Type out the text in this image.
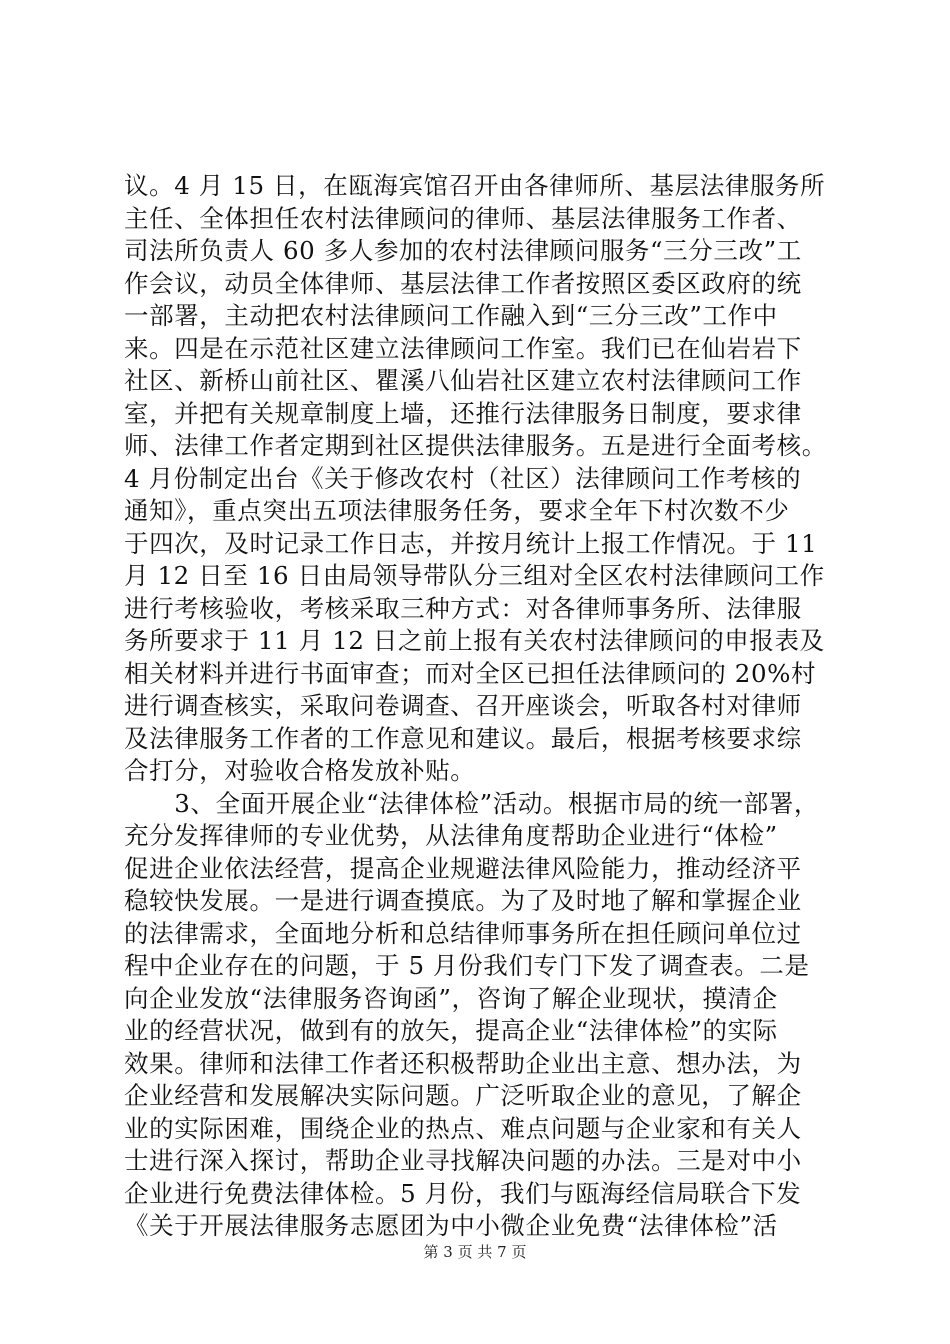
议。4 月 15 日，在瓯海宾馆召开由各律师所、基层法律服务所
主任、全体担任农村法律顾问的律师、基层法律服务工作者、
司法所负责人 60 多人参加的农村法律顾问服务“三分三改”工
作会议，动员全体律师、基层法律工作者按照区委区政府的统
一部署，主动把农村法律顾问工作融入到“三分三改”工作中
来。四是在示范社区建立法律顾问工作室。我们已在仙岩岩下
社区、新桥山前社区、瞿溪八仙岩社区建立农村法律顾问工作
室，并把有关规章制度上墙，还推行法律服务日制度，要求律
师、法律工作者定期到社区提供法律服务。五是进行全面考核。
4 月份制定出台《关于修改农村（社区）法律顾问工作考核的
通知》，重点突出五项法律服务任务，要求全年下村次数不少
于四次，及时记录工作日志，并按月统计上报工作情况。于 11
月 12 日至 16 日由局领导带队分三组对全区农村法律顾问工作
进行考核验收，考核采取三种方式：对各律师事务所、法律服
务所要求于 11 月 12 日之前上报有关农村法律顾问的申报表及
相关材料并进行书面审查；而对全区已担任法律顾问的 20%村
进行调查核实，采取问卷调查、召开座谈会，听取各村对律师
及法律服务工作者的工作意见和建议。最后，根据考核要求综
合打分，对验收合格发放补贴。
　　3、全面开展企业“法律体检”活动。根据市局的统一部署，
充分发挥律师的专业优势，从法律角度帮助企业进行“体检”
促进企业依法经营，提高企业规避法律风险能力，推动经济平
稳较快发展。一是进行调查摸底。为了及时地了解和掌握企业
的法律需求，全面地分析和总结律师事务所在担任顾问单位过
程中企业存在的问题，于 5 月份我们专门下发了调查表。二是
向企业发放“法律服务咨询函”，咨询了解企业现状，摸清企
业的经营状况，做到有的放矢，提高企业“法律体检”的实际
效果。律师和法律工作者还积极帮助企业出主意、想办法，为
企业经营和发展解决实际问题。广泛听取企业的意见，了解企
业的实际困难，围绕企业的热点、难点问题与企业家和有关人
士进行深入探讨，帮助企业寻找解决问题的办法。三是对中小
企业进行免费法律体检。5 月份，我们与瓯海经信局联合下发
《关于开展法律服务志愿团为中小微企业免费“法律体检”活
第 3 页 共 7 页
